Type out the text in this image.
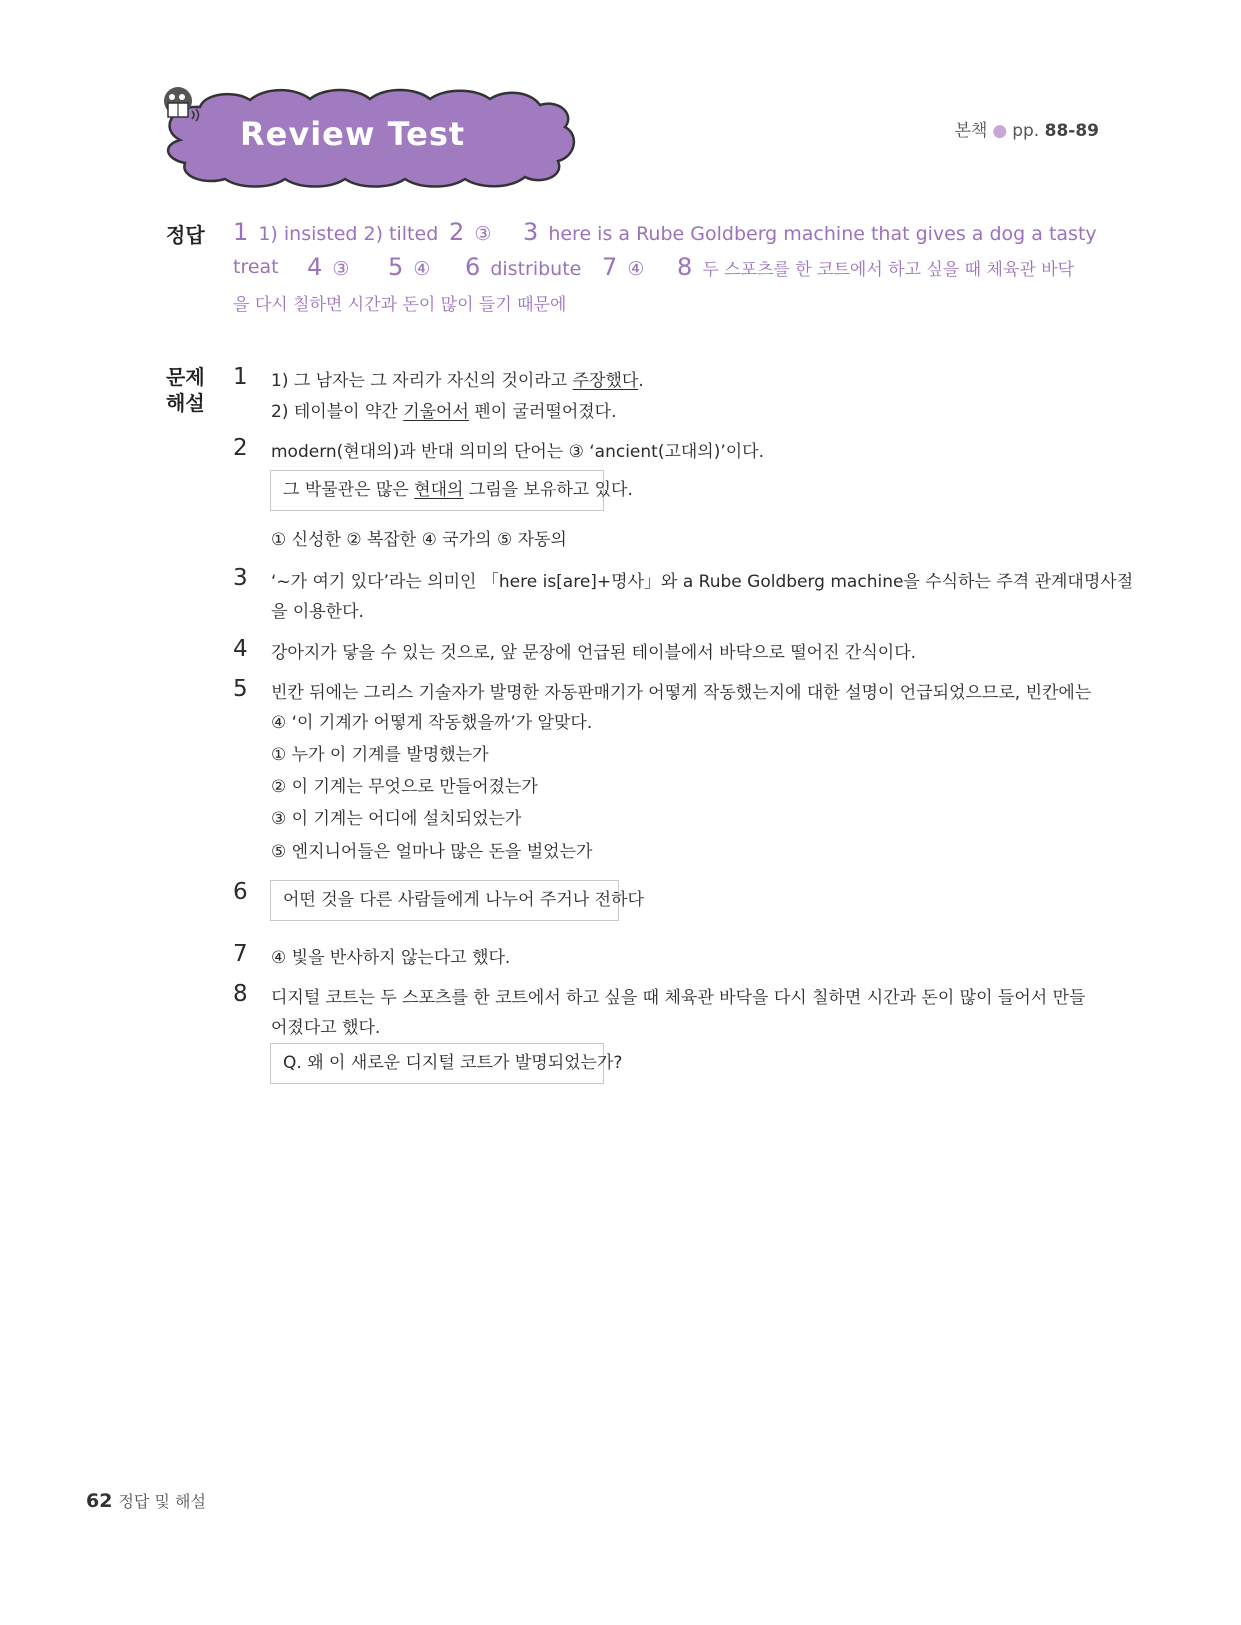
Review Test	본책 ● pp. 88-89
정답 1 1) insisted 2) tilted 2 ③ 3 here is a Rube Goldberg machine that gives a dog a tasty
treat 4 ③ 5 ④ 6 distribute 7 ④ 8 두 스포츠를 한 코트에서 하고 싶을 때 체육관 바닥
을 다시 칠하면 시간과 돈이 많이 들기 때문에
문제
해설
1 1) 그 남자는 그 자리가 자신의 것이라고 주장했다.
2) 테이블이 약간 기울어서 펜이 굴러떨어졌다.
2 modern(현대의)과 반대 의미의 단어는 ③ ‘ancient(고대의)’이다.
그 박물관은 많은 현대의 그림을 보유하고 있다.
① 신성한 ② 복잡한 ④ 국가의 ⑤ 자동의
3 ‘~가 여기 있다’라는 의미인 「here is[are]+명사」와 a Rube Goldberg machine을 수식하는 주격 관계대명사절
을 이용한다.
4 강아지가 닿을 수 있는 것으로, 앞 문장에 언급된 테이블에서 바닥으로 떨어진 간식이다.
5 빈칸 뒤에는 그리스 기술자가 발명한 자동판매기가 어떻게 작동했는지에 대한 설명이 언급되었으므로, 빈칸에는
④ ‘이 기계가 어떻게 작동했을까’가 알맞다.
① 누가 이 기계를 발명했는가
② 이 기계는 무엇으로 만들어졌는가
③ 이 기계는 어디에 설치되었는가
⑤ 엔지니어들은 얼마나 많은 돈을 벌었는가
6	어떤 것을 다른 사람들에게 나누어 주거나 전하다
7 ④ 빛을 반사하지 않는다고 했다.
8 디지털 코트는 두 스포츠를 한 코트에서 하고 싶을 때 체육관 바닥을 다시 칠하면 시간과 돈이 많이 들어서 만들
어졌다고 했다.
Q. 왜 이 새로운 디지털 코트가 발명되었는가?
62 정답 및 해설
